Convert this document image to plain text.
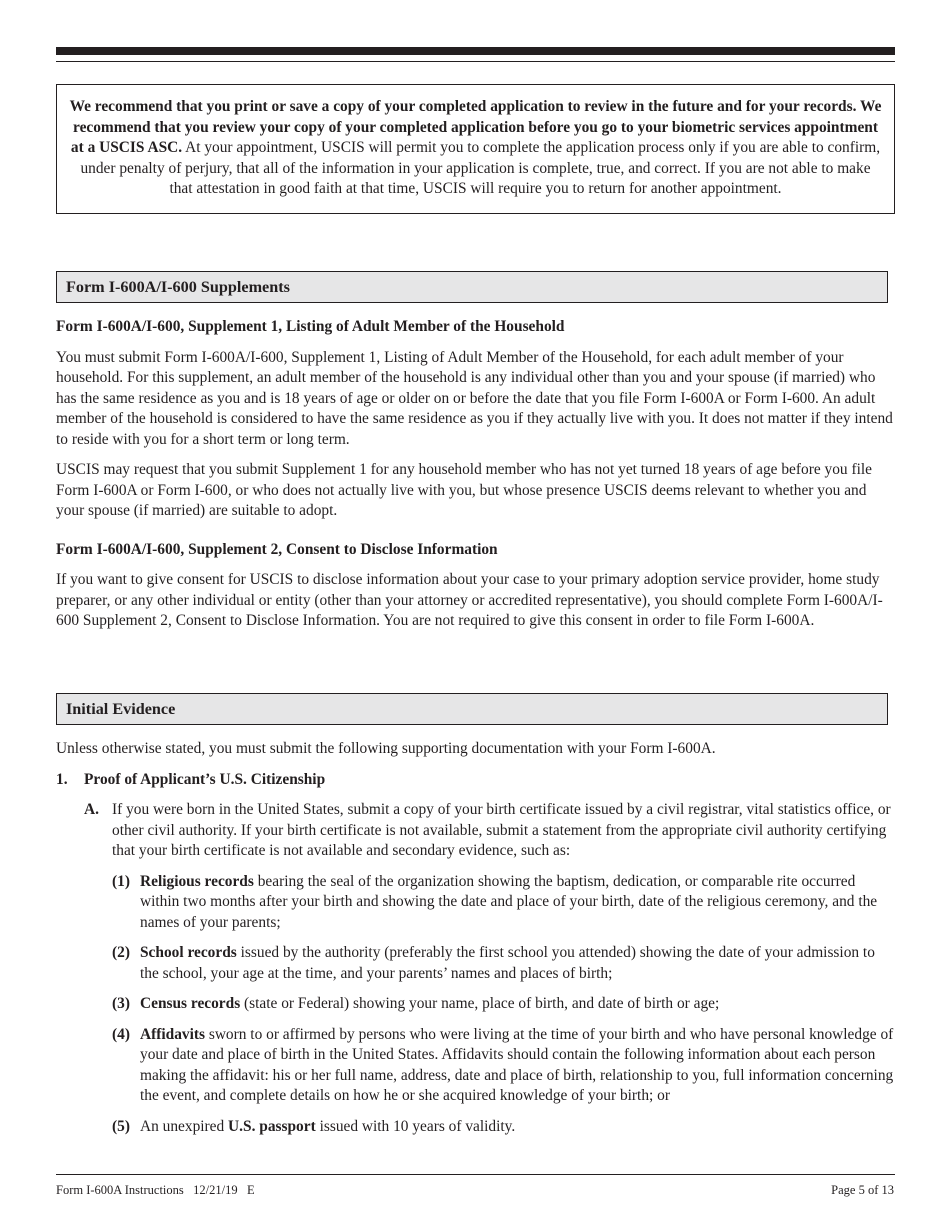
We recommend that you print or save a copy of your completed application to review in the future and for your records. We recommend that you review your copy of your completed application before you go to your biometric services appointment at a USCIS ASC. At your appointment, USCIS will permit you to complete the application process only if you are able to confirm, under penalty of perjury, that all of the information in your application is complete, true, and correct. If you are not able to make that attestation in good faith at that time, USCIS will require you to return for another appointment.
Form I-600A/I-600 Supplements

Form I-600A/I-600, Supplement 1, Listing of Adult Member of the Household

You must submit Form I-600A/I-600, Supplement 1, Listing of Adult Member of the Household, for each adult member of your household. For this supplement, an adult member of the household is any individual other than you and your spouse (if married) who has the same residence as you and is 18 years of age or older on or before the date that you file Form I-600A or Form I-600. An adult member of the household is considered to have the same residence as you if they actually live with you. It does not matter if they intend to reside with you for a short term or long term.

USCIS may request that you submit Supplement 1 for any household member who has not yet turned 18 years of age before you file Form I-600A or Form I-600, or who does not actually live with you, but whose presence USCIS deems relevant to whether you and your spouse (if married) are suitable to adopt.

Form I-600A/I-600, Supplement 2, Consent to Disclose Information

If you want to give consent for USCIS to disclose information about your case to your primary adoption service provider, home study preparer, or any other individual or entity (other than your attorney or accredited representative), you should complete Form I-600A/I-600 Supplement 2, Consent to Disclose Information. You are not required to give this consent in order to file Form I-600A.

Initial Evidence

Unless otherwise stated, you must submit the following supporting documentation with your Form I-600A.

1.	Proof of Applicant’s U.S. Citizenship
A. If you were born in the United States, submit a copy of your birth certificate issued by a civil registrar, vital statistics office, or other civil authority. If your birth certificate is not available, submit a statement from the appropriate civil authority certifying that your birth certificate is not available and secondary evidence, such as:
(1) Religious records bearing the seal of the organization showing the baptism, dedication, or comparable rite occurred within two months after your birth and showing the date and place of your birth, date of the religious ceremony, and the names of your parents;
(2) School records issued by the authority (preferably the first school you attended) showing the date of your admission to the school, your age at the time, and your parents’ names and places of birth;
(3) Census records (state or Federal) showing your name, place of birth, and date of birth or age;
(4) Affidavits sworn to or affirmed by persons who were living at the time of your birth and who have personal knowledge of your date and place of birth in the United States. Affidavits should contain the following information about each person making the affidavit: his or her full name, address, date and place of birth, relationship to you, full information concerning the event, and complete details on how he or she acquired knowledge of your birth; or
(5) An unexpired U.S. passport issued with 10 years of validity.
Form I-600A Instructions   12/21/19   E	Page 5 of 13
